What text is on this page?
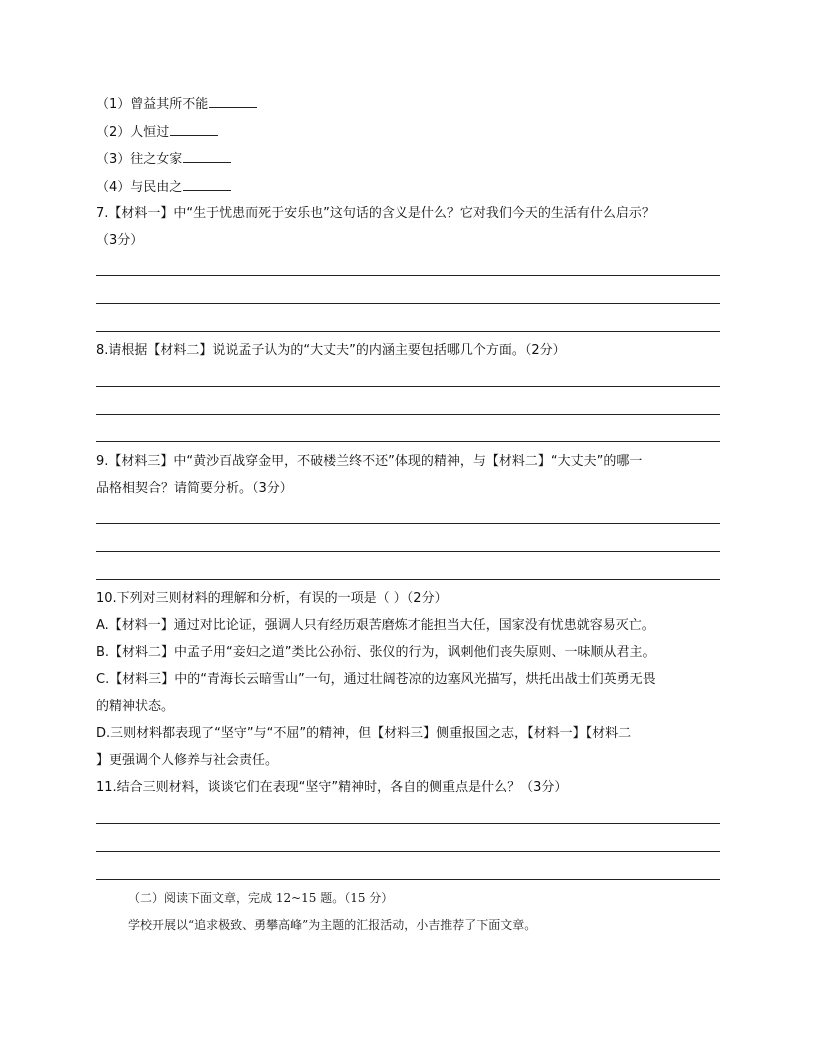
（1）曾益其所不能
（2）人恒过
（3）往之女家
（4）与民由之
7.【材料一】中“生于忧患而死于安乐也”这句话的含义是什么？它对我们今天的生活有什么启示？
（3分）
8.请根据【材料二】说说孟子认为的“大丈夫”的内涵主要包括哪几个方面。（2分）
9.【材料三】中“黄沙百战穿金甲，不破楼兰终不还”体现的精神，与【材料二】“大丈夫”的哪一
品格相契合？请简要分析。（3分）
10.下列对三则材料的理解和分析，有误的一项是（ ）（2分）
A.【材料一】通过对比论证，强调人只有经历艰苦磨炼才能担当大任，国家没有忧患就容易灭亡。
B.【材料二】中孟子用“妾妇之道”类比公孙衍、张仪的行为，讽刺他们丧失原则、一味顺从君主。
C.【材料三】中的“青海长云暗雪山”一句，通过壮阔苍凉的边塞风光描写，烘托出战士们英勇无畏
的精神状态。
D.三则材料都表现了“坚守”与“不屈”的精神，但【材料三】侧重报国之志，【材料一】【材料二
】更强调个人修养与社会责任。
11.结合三则材料，谈谈它们在表现“坚守”精神时，各自的侧重点是什么？（3分）
（二）阅读下面文章，完成 12~15 题。（15 分）
学校开展以“追求极致、勇攀高峰”为主题的汇报活动，小吉推荐了下面文章。
